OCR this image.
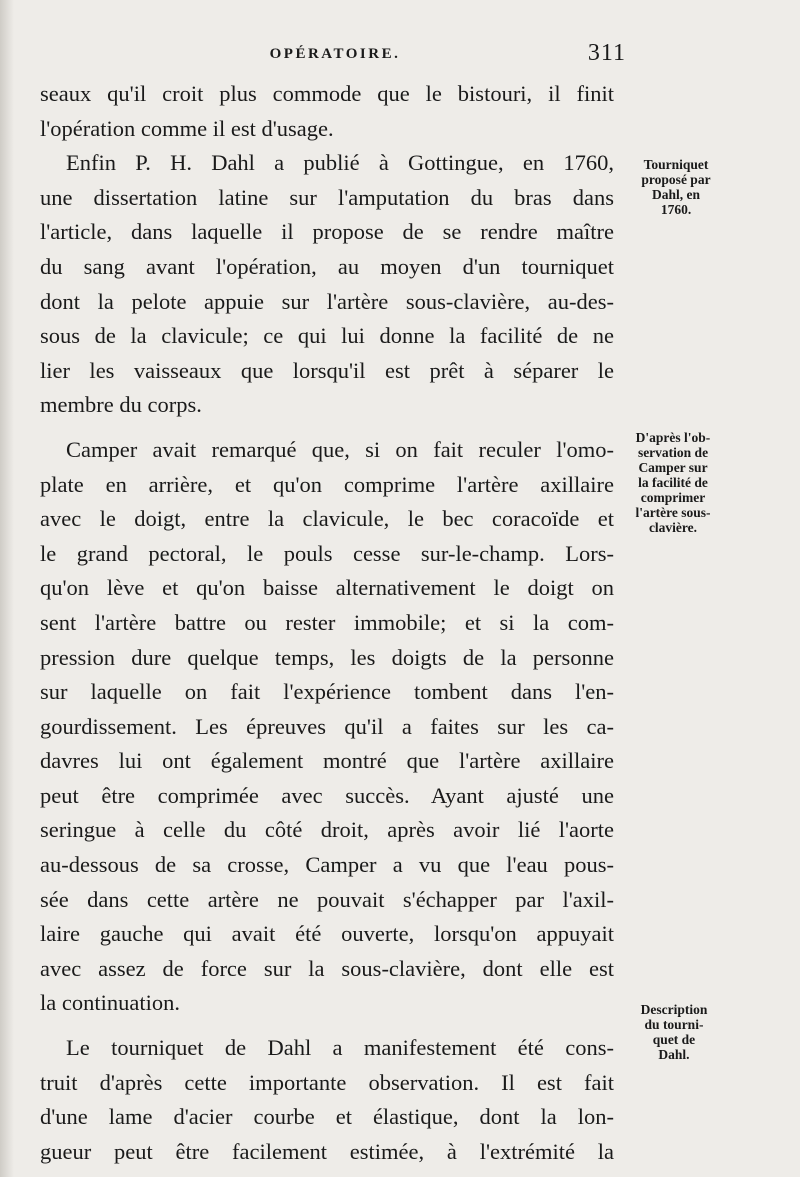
OPÉRATOIRE.	311

seaux qu'il croit plus commode que le bistouri, il finit
l'opération comme il est d'usage.

Enfin P. H. Dahl a publié à Gottingue, en 1760,
une dissertation latine sur l'amputation du bras dans
l'article, dans laquelle il propose de se rendre maître
du sang avant l'opération, au moyen d'un tourniquet
dont la pelote appuie sur l'artère sous-clavière, au-des-
sous de la clavicule; ce qui lui donne la facilité de ne
lier les vaisseaux que lorsqu'il est prêt à séparer le
membre du corps.

Camper avait remarqué que, si on fait reculer l'omo-
plate en arrière, et qu'on comprime l'artère axillaire
avec le doigt, entre la clavicule, le bec coracoïde et
le grand pectoral, le pouls cesse sur-le-champ. Lors-
qu'on lève et qu'on baisse alternativement le doigt on
sent l'artère battre ou rester immobile; et si la com-
pression dure quelque temps, les doigts de la personne
sur laquelle on fait l'expérience tombent dans l'en-
gourdissement. Les épreuves qu'il a faites sur les ca-
davres lui ont également montré que l'artère axillaire
peut être comprimée avec succès. Ayant ajusté une
seringue à celle du côté droit, après avoir lié l'aorte
au-dessous de sa crosse, Camper a vu que l'eau pous-
sée dans cette artère ne pouvait s'échapper par l'axil-
laire gauche qui avait été ouverte, lorsqu'on appuyait
avec assez de force sur la sous-clavière, dont elle est
la continuation.

Le tourniquet de Dahl a manifestement été cons-
truit d'après cette importante observation. Il est fait
d'une lame d'acier courbe et élastique, dont la lon-
gueur peut être facilement estimée, à l'extrémité la

Tourniquet
proposé par
Dahl, en
1760.
D'après l'ob-
servation de
Camper sur
la facilité de
comprimer
l'artère sous-
clavière.
Description
du tourni-
quet de
Dahl.
